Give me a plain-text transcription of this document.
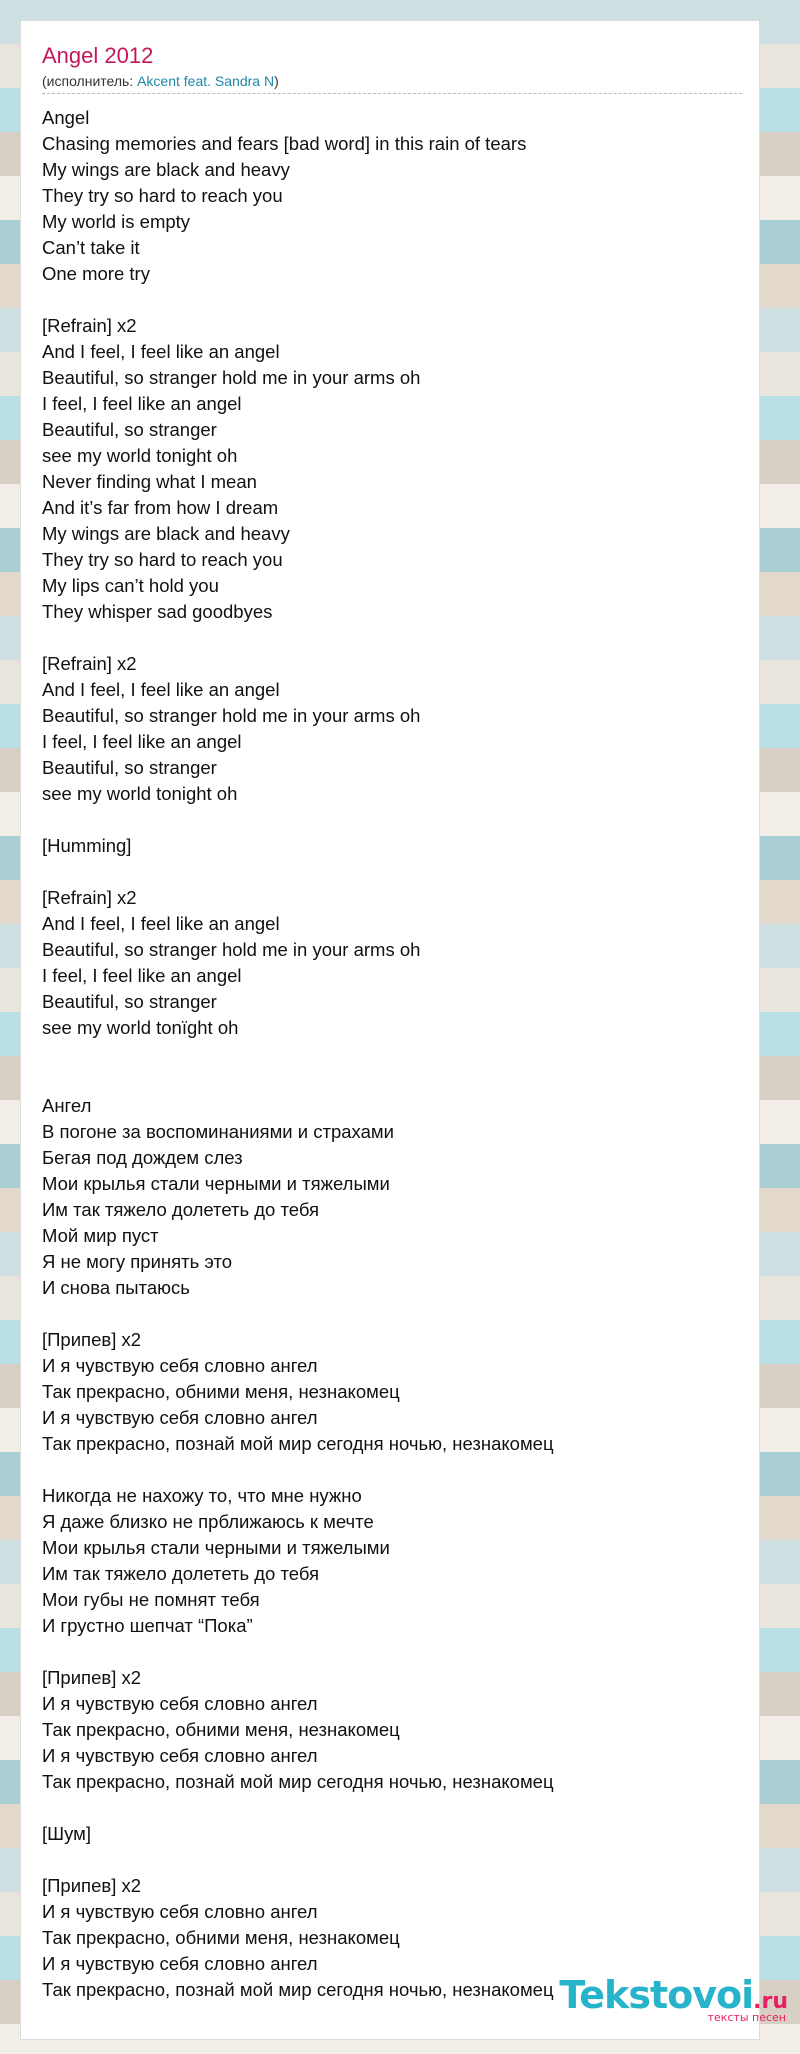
Angel 2012
(исполнитель: Akcent feat. Sandra N)
Angel
Chasing memories and fears [bad word] in this rain of tears
My wings are black and heavy
They try so hard to reach you
My world is empty
Can’t take it
One more try
[Refrain] x2
And I feel, I feel like an angel
Beautiful, so stranger hold me in your arms oh
I feel, I feel like an angel
Beautiful, so stranger
see my world tonight oh
Never finding what I mean
And it’s far from how I dream
My wings are black and heavy
They try so hard to reach you
My lips can’t hold you
They whisper sad goodbyes
[Refrain] x2
And I feel, I feel like an angel
Beautiful, so stranger hold me in your arms oh
I feel, I feel like an angel
Beautiful, so stranger
see my world tonight oh
[Humming]
[Refrain] x2
And I feel, I feel like an angel
Beautiful, so stranger hold me in your arms oh
I feel, I feel like an angel
Beautiful, so stranger
see my world tonïght oh
Ангел
В погоне за воспоминаниями и страхами
Бегая под дождем слез
Мои крылья стали черными и тяжелыми
Им так тяжело долететь до тебя
Мой мир пуст
Я не могу принять это
И снова пытаюсь
[Припев] x2
И я чувствую себя словно ангел
Так прекрасно, обними меня, незнакомец
И я чувствую себя словно ангел
Так прекрасно, познай мой мир сегодня ночью, незнакомец
Никогда не нахожу то, что мне нужно
Я даже близко не прближаюсь к мечте
Мои крылья стали черными и тяжелыми
Им так тяжело долететь до тебя
Мои губы не помнят тебя
И грустно шепчат “Пока”
[Припев] x2
И я чувствую себя словно ангел
Так прекрасно, обними меня, незнакомец
И я чувствую себя словно ангел
Так прекрасно, познай мой мир сегодня ночью, незнакомец
[Шум]
[Припев] x2
И я чувствую себя словно ангел
Так прекрасно, обними меня, незнакомец
И я чувствую себя словно ангел
Так прекрасно, познай мой мир сегодня ночью, незнакомец Tekstovoi.ru
тексты песен
